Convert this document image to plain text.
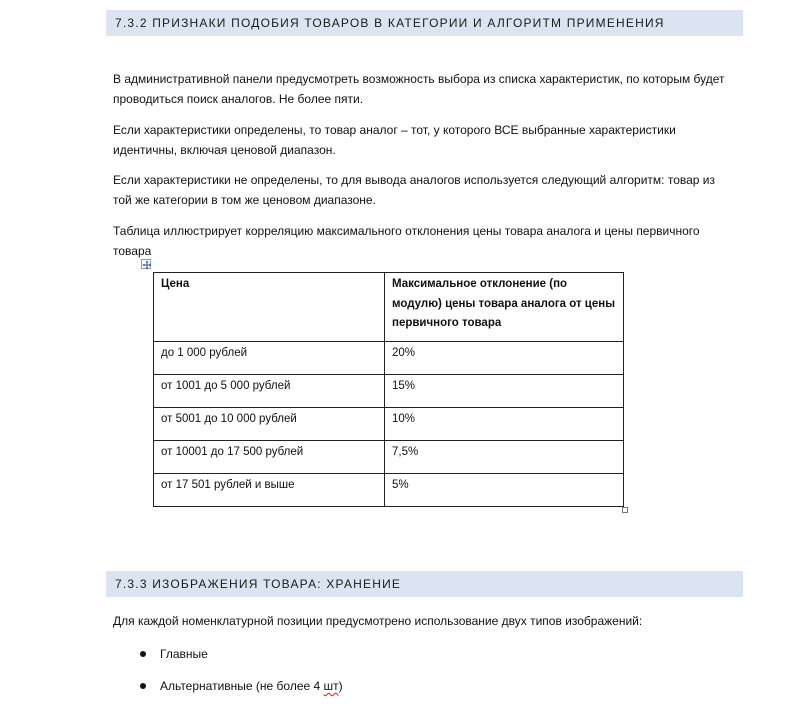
7.3.2 ПРИЗНАКИ ПОДОБИЯ ТОВАРОВ В КАТЕГОРИИ И АЛГОРИТМ ПРИМЕНЕНИЯ
В административной панели предусмотреть возможность выбора из списка характеристик, по которым будет проводиться поиск аналогов. Не более пяти.
Если характеристики определены, то товар аналог – тот, у которого ВСЕ выбранные характеристики идентичны, включая ценовой диапазон.
Если характеристики не определены, то для вывода аналогов используется следующий алгоритм: товар из той же категории в том же ценовом диапазоне.
Таблица иллюстрирует корреляцию максимального отклонения цены товара аналога и цены первичного товара
Цена	Максимальное отклонение (по модулю) цены товара аналога от цены первичного товара
до 1 000 рублей	20%
от 1001 до 5 000 рублей	15%
от 5001 до 10 000 рублей	10%
от 10001 до 17 500 рублей	7,5%
от 17 501 рублей и выше	5%
7.3.3 ИЗОБРАЖЕНИЯ ТОВАРА: ХРАНЕНИЕ
Для каждой номенклатурной позиции предусмотрено использование двух типов изображений:
Главные
Альтернативные (не более 4 шт)
